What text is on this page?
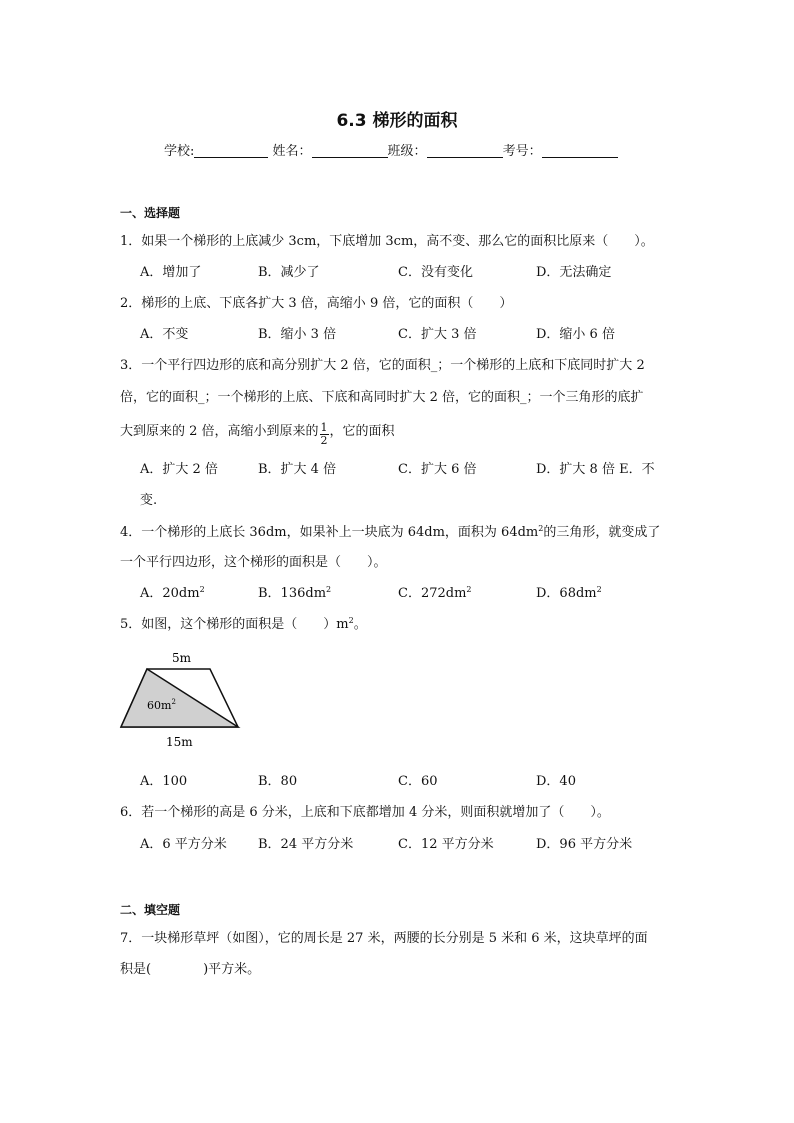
6.3 梯形的面积
学校:	姓名：	班级：	考号：
一、选择题
1．如果一个梯形的上底减少 3cm，下底增加 3cm，高不变、那么它的面积比原来（　　）。
A．增加了	B．减少了	C．没有变化	D．无法确定
2．梯形的上底、下底各扩大 3 倍，高缩小 9 倍，它的面积（　　）
A．不变	B．缩小 3 倍	C．扩大 3 倍	D．缩小 6 倍
3．一个平行四边形的底和高分别扩大 2 倍，它的面积_；一个梯形的上底和下底同时扩大 2
倍，它的面积_；一个梯形的上底、下底和高同时扩大 2 倍，它的面积_；一个三角形的底扩
大到原来的 2 倍，高缩小到原来的 $\frac{1}{2}$ ，它的面积
A．扩大 2 倍	B．扩大 4 倍	C．扩大 6 倍	D．扩大 8 倍 E．不
变.
4．一个梯形的上底长 36dm，如果补上一块底为 64dm，面积为 $64dm^2$的三角形，就变成了
一个平行四边形，这个梯形的面积是（　　）。
A．$20dm^2$	B．$136dm^2$	C．$272dm^2$	D．$68dm^2$
5．如图，这个梯形的面积是（　　）$m^2$。
5m
15m
$60m^2$
A．100	B．80	C．60	D．40
6．若一个梯形的高是 6 分米，上底和下底都增加 4 分米，则面积就增加了（　　）。
A．6 平方分米 B．24 平方分米	C．12 平方分米	D．96 平方分米
二、填空题
7．一块梯形草坪（如图），它的周长是 27 米，两腰的长分别是 5 米和 6 米，这块草坪的面
积是(　　　　)平方米。
